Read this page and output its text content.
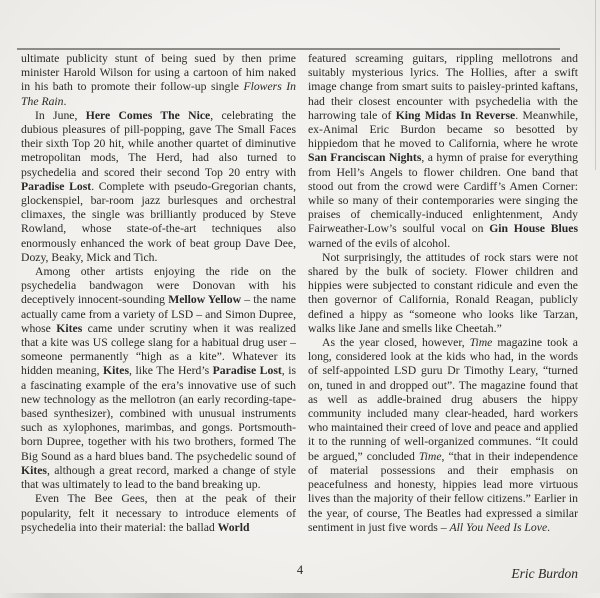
ultimate publicity stunt of being sued by then prime minister Harold Wilson for using a cartoon of him naked in his bath to promote their follow-up single Flowers In The Rain.

In June, Here Comes The Nice, celebrating the dubious pleasures of pill-popping, gave The Small Faces their sixth Top 20 hit, while another quartet of diminutive metropolitan mods, The Herd, had also turned to psychedelia and scored their second Top 20 entry with Paradise Lost. Complete with pseudo-Gregorian chants, glockenspiel, bar-room jazz burlesques and orchestral climaxes, the single was brilliantly produced by Steve Rowland, whose state-of-the-art techniques also enormously enhanced the work of beat group Dave Dee, Dozy, Beaky, Mick and Tich.

Among other artists enjoying the ride on the psychedelia bandwagon were Donovan with his deceptively innocent-sounding Mellow Yellow – the name actually came from a variety of LSD – and Simon Dupree, whose Kites came under scrutiny when it was realized that a kite was US college slang for a habitual drug user – someone permanently “high as a kite”. Whatever its hidden meaning, Kites, like The Herd’s Paradise Lost, is a fascinating example of the era’s innovative use of such new technology as the mellotron (an early recording-tape-based synthesizer), combined with unusual instruments such as xylophones, marimbas, and gongs. Portsmouth-born Dupree, together with his two brothers, formed The Big Sound as a hard blues band. The psychedelic sound of Kites, although a great record, marked a change of style that was ultimately to lead to the band breaking up.

Even The Bee Gees, then at the peak of their popularity, felt it necessary to introduce elements of psychedelia into their material: the ballad World

featured screaming guitars, rippling mellotrons and suitably mysterious lyrics. The Hollies, after a swift image change from smart suits to paisley-printed kaftans, had their closest encounter with psychedelia with the harrowing tale of King Midas In Reverse. Meanwhile, ex-Animal Eric Burdon became so besotted by hippiedom that he moved to California, where he wrote San Franciscan Nights, a hymn of praise for everything from Hell’s Angels to flower children. One band that stood out from the crowd were Cardiff’s Amen Corner: while so many of their contemporaries were singing the praises of chemically-induced enlightenment, Andy Fairweather-Low’s soulful vocal on Gin House Blues warned of the evils of alcohol.

Not surprisingly, the attitudes of rock stars were not shared by the bulk of society. Flower children and hippies were subjected to constant ridicule and even the then governor of California, Ronald Reagan, publicly defined a hippy as “someone who looks like Tarzan, walks like Jane and smells like Cheetah.”

As the year closed, however, Time magazine took a long, considered look at the kids who had, in the words of self-appointed LSD guru Dr Timothy Leary, “turned on, tuned in and dropped out”. The magazine found that as well as addle-brained drug abusers the hippy community included many clear-headed, hard workers who maintained their creed of love and peace and applied it to the running of well-organized communes. “It could be argued,” concluded Time, “that in their independence of material possessions and their emphasis on peacefulness and honesty, hippies lead more virtuous lives than the majority of their fellow citizens.” Earlier in the year, of course, The Beatles had expressed a similar sentiment in just five words – All You Need Is Love.

4	Eric Burdon
